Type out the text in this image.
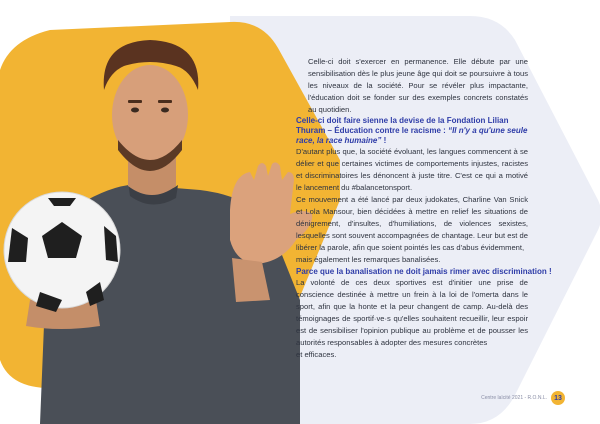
Celle-ci doit s'exercer en permanence. Elle débute par une sensibilisation dès le plus jeune âge qui doit se poursuivre à tous les niveaux de la société. Pour se révéler plus impactante, l'éducation doit se fonder sur des exemples concrets constatés au quotidien.

Celle-ci doit faire sienne la devise de la Fondation Lilian Thuram – Éducation contre le racisme : “Il n'y a qu'une seule race, la race humaine” !

D'autant plus que, la société évoluant, les langues commencent à se délier et que certaines victimes de comportements injustes, racistes et discriminatoires les dénoncent à juste titre. C'est ce qui a motivé le lancement du #balancetonsport.

Ce mouvement a été lancé par deux judokates, Charline Van Snick et Lola Mansour, bien décidées à mettre en relief les situations de dénigrement, d'insultes, d'humiliations, de violences sexistes, lesquelles sont souvent accompagnées de chantage. Leur but est de libérer la parole, afin que soient pointés les cas d'abus évidemment,

mais également les remarques banalisées.

Parce que la banalisation ne doit jamais rimer avec discrimination !

La volonté de ces deux sportives est d'initier une prise de conscience destinée à mettre un frein à la loi de l'omerta dans le sport, afin que la honte et la peur changent de camp. Au-delà des témoignages de sportif·ve·s qu'elles souhaitent recueillir, leur espoir est de sensibiliser l'opinion publique au problème et de pousser les autorités responsables à adopter des mesures concrètes
et efficaces.

Centre laïcité 2021 - R.O.N.L.	13
